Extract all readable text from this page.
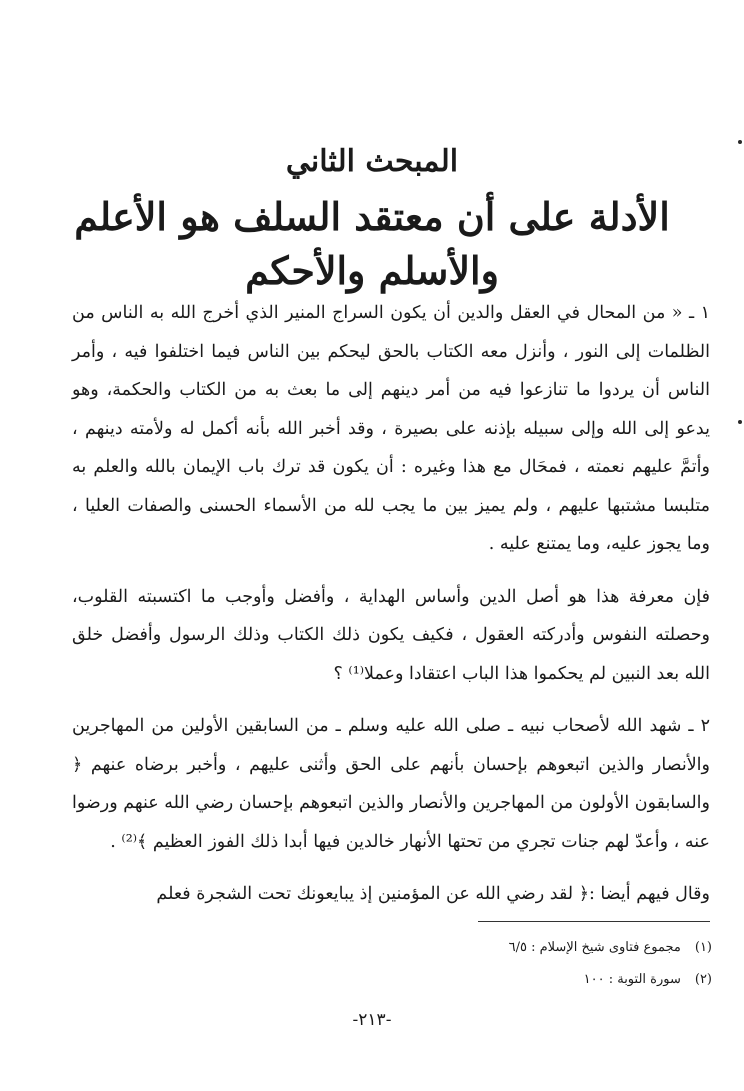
المبحث الثاني
الأدلة على أن معتقد السلف هو الأعلم
والأسلم والأحكم

١ ـ « من المحال في العقل والدين أن يكون السراج المنير الذي أخرج الله به الناس من الظلمات إلى النور ، وأنزل معه الكتاب بالحق ليحكم بين الناس فيما اختلفوا فيه ، وأمر الناس أن يردوا ما تنازعوا فيه من أمر دينهم إلى ما بعث به من الكتاب والحكمة، وهو يدعو إلى الله وإلى سبيله بإذنه على بصيرة ، وقد أخبر الله بأنه أكمل له ولأمته دينهم ، وأتمَّ عليهم نعمته ، فمحَال مع هذا وغيره : أن يكون قد ترك باب الإيمان بالله والعلم به متلبسا مشتبها عليهم ، ولم يميز بين ما يجب لله من الأسماء الحسنى والصفات العليا ، وما يجوز عليه، وما يمتنع عليه .

فإن معرفة هذا هو أصل الدين وأساس الهداية ، وأفضل وأوجب ما اكتسبته القلوب، وحصلته النفوس وأدركته العقول ، فكيف يكون ذلك الكتاب وذلك الرسول وأفضل خلق الله بعد النبين لم يحكموا هذا الباب اعتقادا وعملا⁽¹⁾ ؟

٢ ـ شهد الله لأصحاب نبيه ـ صلى الله عليه وسلم ـ من السابقين الأولين من المهاجرين والأنصار والذين اتبعوهم بإحسان بأنهم على الحق وأثنى عليهم ، وأخبر برضاه عنهم ﴿ والسابقون الأولون من المهاجرين والأنصار والذين اتبعوهم بإحسان رضي الله عنهم ورضوا عنه ، وأعدّ لهم جنات تجري من تحتها الأنهار خالدين فيها أبدا ذلك الفوز العظيم ﴾⁽²⁾ .

وقال فيهم أيضا :﴿ لقد رضي الله عن المؤمنين إذ يبايعونك تحت الشجرة فعلم

(١)
مجموع فتاوى شيخ الإسلام : ٦/٥
(٢)
سورة التوبة : ١٠٠
-٢١٣-
